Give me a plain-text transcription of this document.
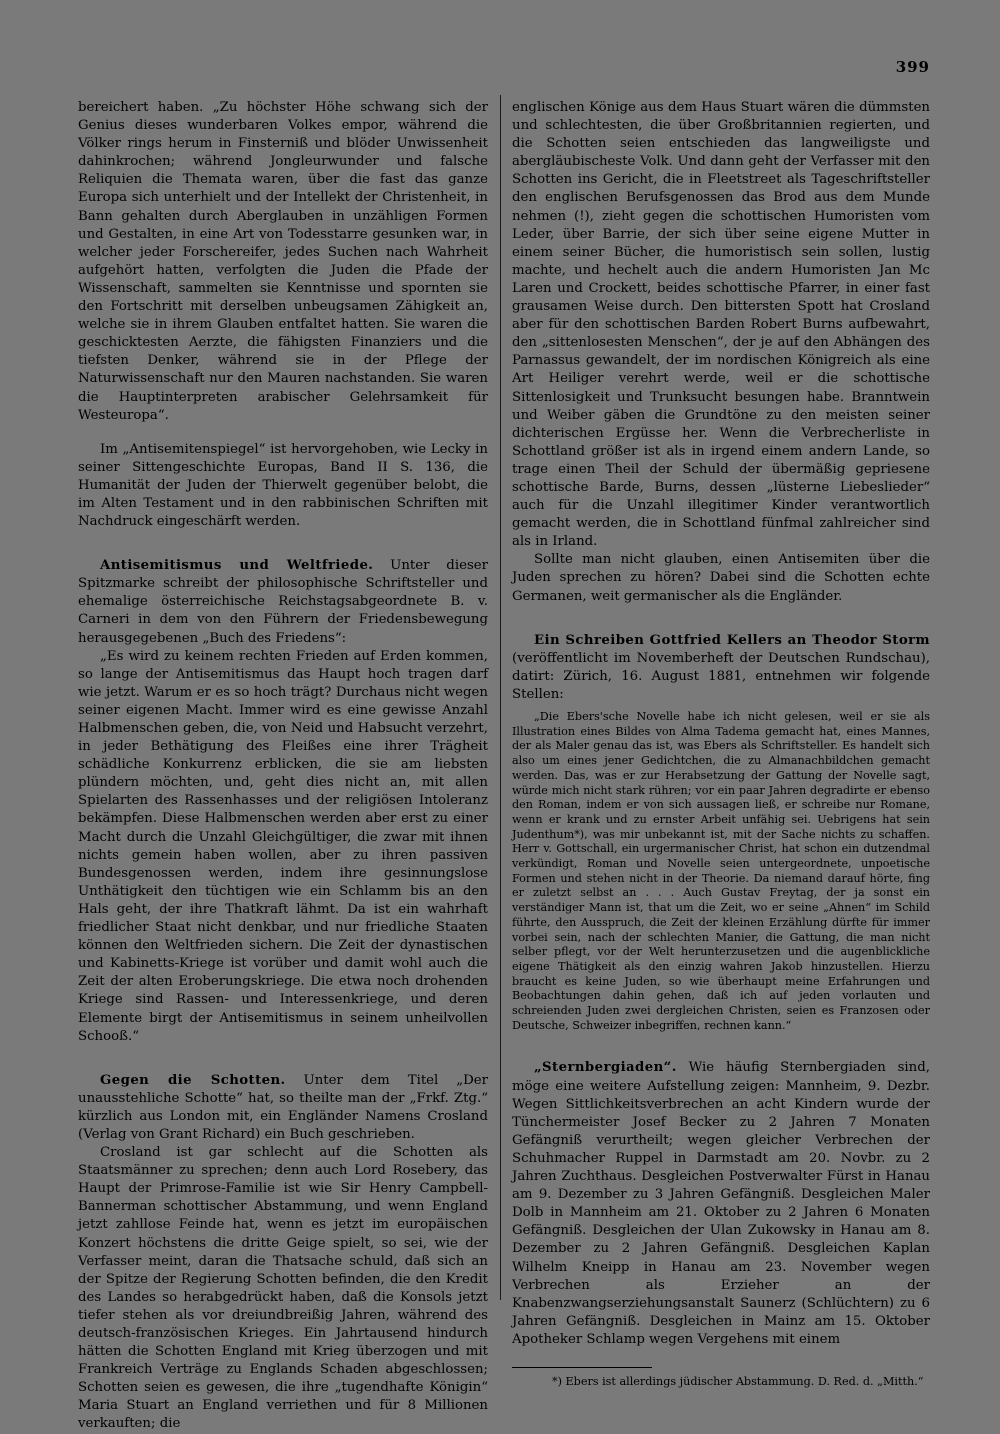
399

bereichert haben. „Zu höchster Höhe schwang sich der Genius dieses wunderbaren Volkes empor, während die Völker rings herum in Finsterniß und blöder Unwissenheit dahinkrochen; während Jongleurwunder und falsche Reliquien die Themata waren, über die fast das ganze Europa sich unterhielt und der Intellekt der Christenheit, in Bann gehalten durch Aberglauben in unzähligen Formen und Gestalten, in eine Art von Todesstarre gesunken war, in welcher jeder Forschereifer, jedes Suchen nach Wahrheit aufgehört hatten, verfolgten die Juden die Pfade der Wissenschaft, sammelten sie Kenntnisse und spornten sie den Fortschritt mit derselben unbeugsamen Zähigkeit an, welche sie in ihrem Glauben entfaltet hatten. Sie waren die geschicktesten Aerzte, die fähigsten Finanziers und die tiefsten Denker, während sie in der Pflege der Naturwissenschaft nur den Mauren nachstanden. Sie waren die Hauptinterpreten arabischer Gelehrsamkeit für Westeuropa“.

Im „Antisemitenspiegel“ ist hervorgehoben, wie Lecky in seiner Sittengeschichte Europas, Band II S. 136, die Humanität der Juden der Thierwelt gegenüber belobt, die im Alten Testament und in den rabbinischen Schriften mit Nachdruck eingeschärft werden.

Antisemitismus und Weltfriede. Unter dieser Spitzmarke schreibt der philosophische Schriftsteller und ehemalige österreichische Reichstagsabgeordnete B. v. Carneri in dem von den Führern der Friedensbewegung herausgegebenen „Buch des Friedens“:

„Es wird zu keinem rechten Frieden auf Erden kommen, so lange der Antisemitismus das Haupt hoch tragen darf wie jetzt. Warum er es so hoch trägt? Durchaus nicht wegen seiner eigenen Macht. Immer wird es eine gewisse Anzahl Halbmenschen geben, die, von Neid und Habsucht verzehrt, in jeder Bethätigung des Fleißes eine ihrer Trägheit schädliche Konkurrenz erblicken, die sie am liebsten plündern möchten, und, geht dies nicht an, mit allen Spielarten des Rassenhasses und der religiösen Intoleranz bekämpfen. Diese Halbmenschen werden aber erst zu einer Macht durch die Unzahl Gleichgültiger, die zwar mit ihnen nichts gemein haben wollen, aber zu ihren passiven Bundesgenossen werden, indem ihre gesinnungslose Unthätigkeit den tüchtigen wie ein Schlamm bis an den Hals geht, der ihre Thatkraft lähmt. Da ist ein wahrhaft friedlicher Staat nicht denkbar, und nur friedliche Staaten können den Weltfrieden sichern. Die Zeit der dynastischen und Kabinetts-Kriege ist vorüber und damit wohl auch die Zeit der alten Eroberungskriege. Die etwa noch drohenden Kriege sind Rassen- und Interessenkriege, und deren Elemente birgt der Antisemitismus in seinem unheilvollen Schooß.“

Gegen die Schotten. Unter dem Titel „Der unausstehliche Schotte“ hat, so theilte man der „Frkf. Ztg.“ kürzlich aus London mit, ein Engländer Namens Crosland (Verlag von Grant Richard) ein Buch geschrieben.

Crosland ist gar schlecht auf die Schotten als Staatsmänner zu sprechen; denn auch Lord Rosebery, das Haupt der Primrose-Familie ist wie Sir Henry Campbell-Bannerman schottischer Abstammung, und wenn England jetzt zahllose Feinde hat, wenn es jetzt im europäischen Konzert höchstens die dritte Geige spielt, so sei, wie der Verfasser meint, daran die Thatsache schuld, daß sich an der Spitze der Regierung Schotten befinden, die den Kredit des Landes so herabgedrückt haben, daß die Konsols jetzt tiefer stehen als vor dreiundbreißig Jahren, während des deutsch-französischen Krieges. Ein Jahrtausend hindurch hätten die Schotten England mit Krieg überzogen und mit Frankreich Verträge zu Englands Schaden abgeschlossen; Schotten seien es gewesen, die ihre „tugendhafte Königin“ Maria Stuart an England verriethen und für 8 Millionen verkauften; die

englischen Könige aus dem Haus Stuart wären die dümmsten und schlechtesten, die über Großbritannien regierten, und die Schotten seien entschieden das langweiligste und abergläubischeste Volk. Und dann geht der Verfasser mit den Schotten ins Gericht, die in Fleetstreet als Tageschriftsteller den englischen Berufsgenossen das Brod aus dem Munde nehmen (!), zieht gegen die schottischen Humoristen vom Leder, über Barrie, der sich über seine eigene Mutter in einem seiner Bücher, die humoristisch sein sollen, lustig machte, und hechelt auch die andern Humoristen Jan Mc Laren und Crockett, beides schottische Pfarrer, in einer fast grausamen Weise durch. Den bittersten Spott hat Crosland aber für den schottischen Barden Robert Burns aufbewahrt, den „sittenlosesten Menschen“, der je auf den Abhängen des Parnassus gewandelt, der im nordischen Königreich als eine Art Heiliger verehrt werde, weil er die schottische Sittenlosigkeit und Trunksucht besungen habe. Branntwein und Weiber gäben die Grundtöne zu den meisten seiner dichterischen Ergüsse her. Wenn die Verbrecherliste in Schottland größer ist als in irgend einem andern Lande, so trage einen Theil der Schuld der übermäßig gepriesene schottische Barde, Burns, dessen „lüsterne Liebeslieder“ auch für die Unzahl illegitimer Kinder verantwortlich gemacht werden, die in Schottland fünfmal zahlreicher sind als in Irland.

Sollte man nicht glauben, einen Antisemiten über die Juden sprechen zu hören? Dabei sind die Schotten echte Germanen, weit germanischer als die Engländer.

Ein Schreiben Gottfried Kellers an Theodor Storm (veröffentlicht im Novemberheft der Deutschen Rundschau), datirt: Zürich, 16. August 1881, entnehmen wir folgende Stellen:

„Die Ebers'sche Novelle habe ich nicht gelesen, weil er sie als Illustration eines Bildes von Alma Tadema gemacht hat, eines Mannes, der als Maler genau das ist, was Ebers als Schriftsteller. Es handelt sich also um eines jener Gedichtchen, die zu Almanachbildchen gemacht werden. Das, was er zur Herabsetzung der Gattung der Novelle sagt, würde mich nicht stark rühren; vor ein paar Jahren degradirte er ebenso den Roman, indem er von sich aussagen ließ, er schreibe nur Romane, wenn er krank und zu ernster Arbeit unfähig sei. Uebrigens hat sein Judenthum*), was mir unbekannt ist, mit der Sache nichts zu schaffen. Herr v. Gottschall, ein urgermanischer Christ, hat schon ein dutzendmal verkündigt, Roman und Novelle seien untergeordnete, unpoetische Formen und stehen nicht in der Theorie. Da niemand darauf hörte, fing er zuletzt selbst an . . . Auch Gustav Freytag, der ja sonst ein verständiger Mann ist, that um die Zeit, wo er seine „Ahnen“ im Schild führte, den Ausspruch, die Zeit der kleinen Erzählung dürfte für immer vorbei sein, nach der schlechten Manier, die Gattung, die man nicht selber pflegt, vor der Welt herunterzusetzen und die augenblickliche eigene Thätigkeit als den einzig wahren Jakob hinzustellen. Hierzu braucht es keine Juden, so wie überhaupt meine Erfahrungen und Beobachtungen dahin gehen, daß ich auf jeden vorlauten und schreienden Juden zwei dergleichen Christen, seien es Franzosen oder Deutsche, Schweizer inbegriffen, rechnen kann.“

„Sternbergiaden“. Wie häufig Sternbergiaden sind, möge eine weitere Aufstellung zeigen: Mannheim, 9. Dezbr. Wegen Sittlichkeitsverbrechen an acht Kindern wurde der Tünchermeister Josef Becker zu 2 Jahren 7 Monaten Gefängniß verurtheilt; wegen gleicher Verbrechen der Schuhmacher Ruppel in Darmstadt am 20. Novbr. zu 2 Jahren Zuchthaus. Desgleichen Postverwalter Fürst in Hanau am 9. Dezember zu 3 Jahren Gefängniß. Desgleichen Maler Dolb in Mannheim am 21. Oktober zu 2 Jahren 6 Monaten Gefängniß. Desgleichen der Ulan Zukowsky in Hanau am 8. Dezember zu 2 Jahren Gefängniß. Desgleichen Kaplan Wilhelm Kneipp in Hanau am 23. November wegen Verbrechen als Erzieher an der Knabenzwangserziehungsanstalt Saunerz (Schlüchtern) zu 6 Jahren Gefängniß. Desgleichen in Mainz am 15. Oktober Apotheker Schlamp wegen Vergehens mit einem

*) Ebers ist allerdings jüdischer Abstammung. D. Red. d. „Mitth.“
